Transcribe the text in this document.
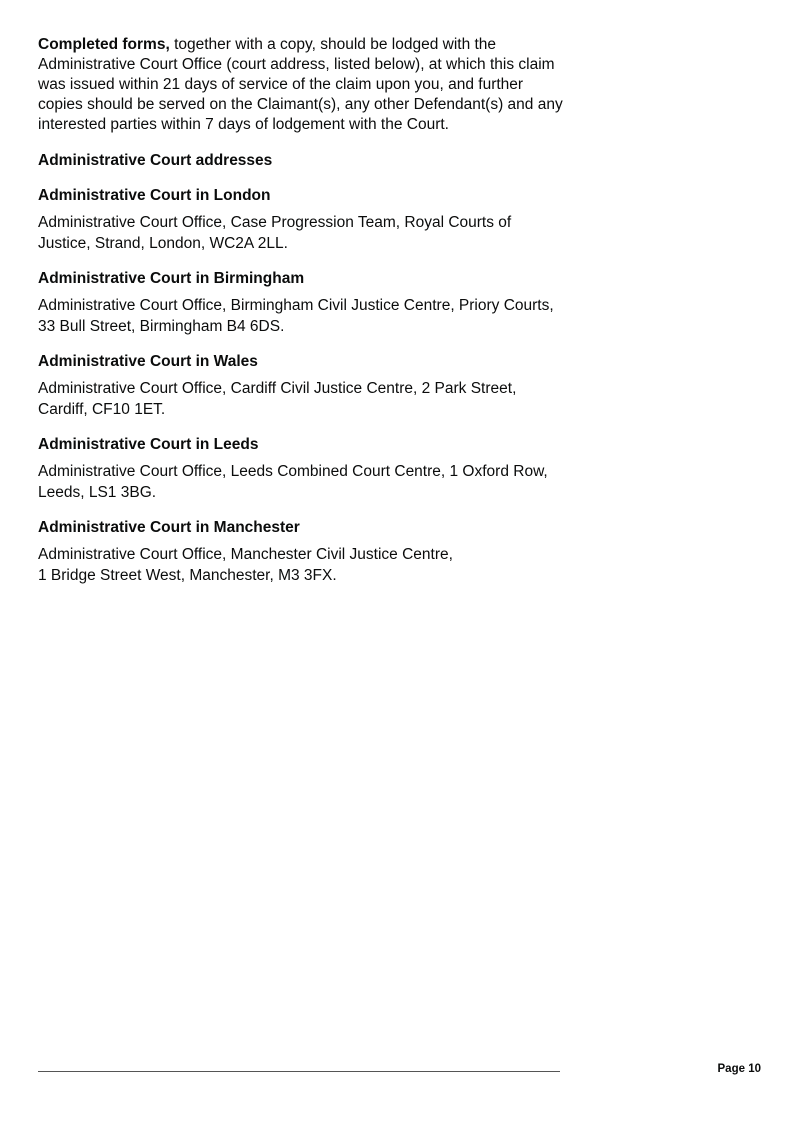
Completed forms, together with a copy, should be lodged with the Administrative Court Office (court address, listed below), at which this claim was issued within 21 days of service of the claim upon you, and further copies should be served on the Claimant(s), any other Defendant(s) and any interested parties within 7 days of lodgement with the Court.

Administrative Court addresses
Administrative Court in London

Administrative Court Office, Case Progression Team, Royal Courts of Justice, Strand, London, WC2A 2LL.

Administrative Court in Birmingham

Administrative Court Office, Birmingham Civil Justice Centre, Priory Courts, 33 Bull Street, Birmingham B4 6DS.

Administrative Court in Wales

Administrative Court Office, Cardiff Civil Justice Centre, 2 Park Street, Cardiff, CF10 1ET.

Administrative Court in Leeds

Administrative Court Office, Leeds Combined Court Centre, 1 Oxford Row, Leeds, LS1 3BG.

Administrative Court in Manchester

Administrative Court Office, Manchester Civil Justice Centre,
1 Bridge Street West, Manchester, M3 3FX.

Page 10
